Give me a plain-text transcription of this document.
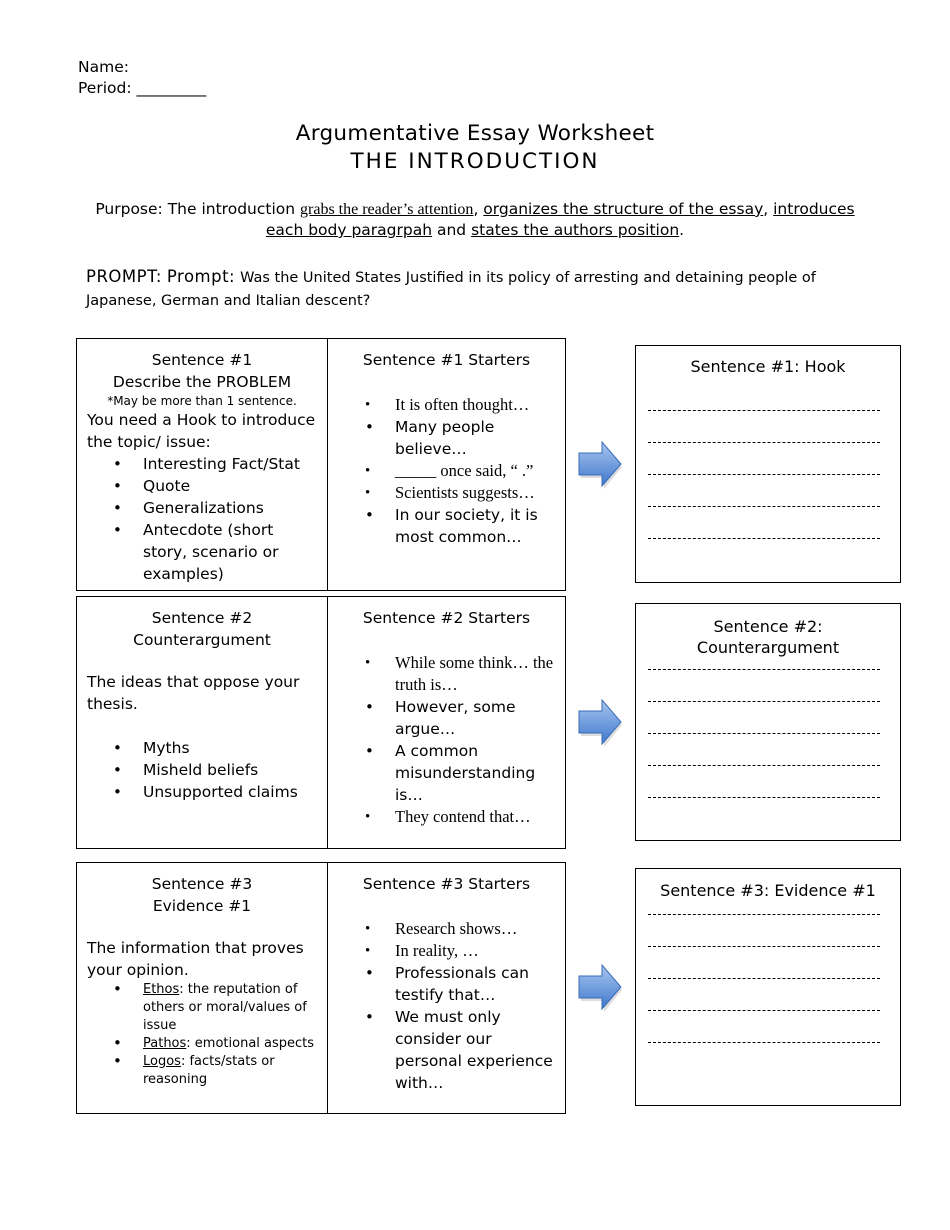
Name:
Period: _________
Argumentative Essay Worksheet
THE INTRODUCTION
Purpose: The introduction grabs the reader’s attention, organizes the structure of the essay, introduces each body paragrpah and states the authors position.
PROMPT: Prompt: Was the United States Justified in its policy of arresting and detaining people of Japanese, German and Italian descent?
Sentence #1
Describe the PROBLEM
*May be more than 1 sentence.
You need a Hook to introduce the topic/ issue:
• Interesting Fact/Stat
• Quote
• Generalizations
• Antecdote (short story, scenario or examples)
Sentence #1 Starters
• It is often thought…
• Many people believe…
• _____ once said, “ .”
• Scientists suggests…
• In our society, it is most common…
Sentence #1: Hook
Sentence #2
Counterargument
The ideas that oppose your thesis.
• Myths
• Misheld beliefs
• Unsupported claims
Sentence #2 Starters
• While some think… the truth is…
• However, some argue…
• A common misunderstanding is…
• They contend that…
Sentence #2: Counterargument
Sentence #3
Evidence #1
The information that proves your opinion.
• Ethos: the reputation of others or moral/values of issue
• Pathos: emotional aspects
• Logos: facts/stats or reasoning
Sentence #3 Starters
• Research shows…
• In reality, …
• Professionals can testify that…
• We must only consider our personal experience with…
Sentence #3: Evidence #1
